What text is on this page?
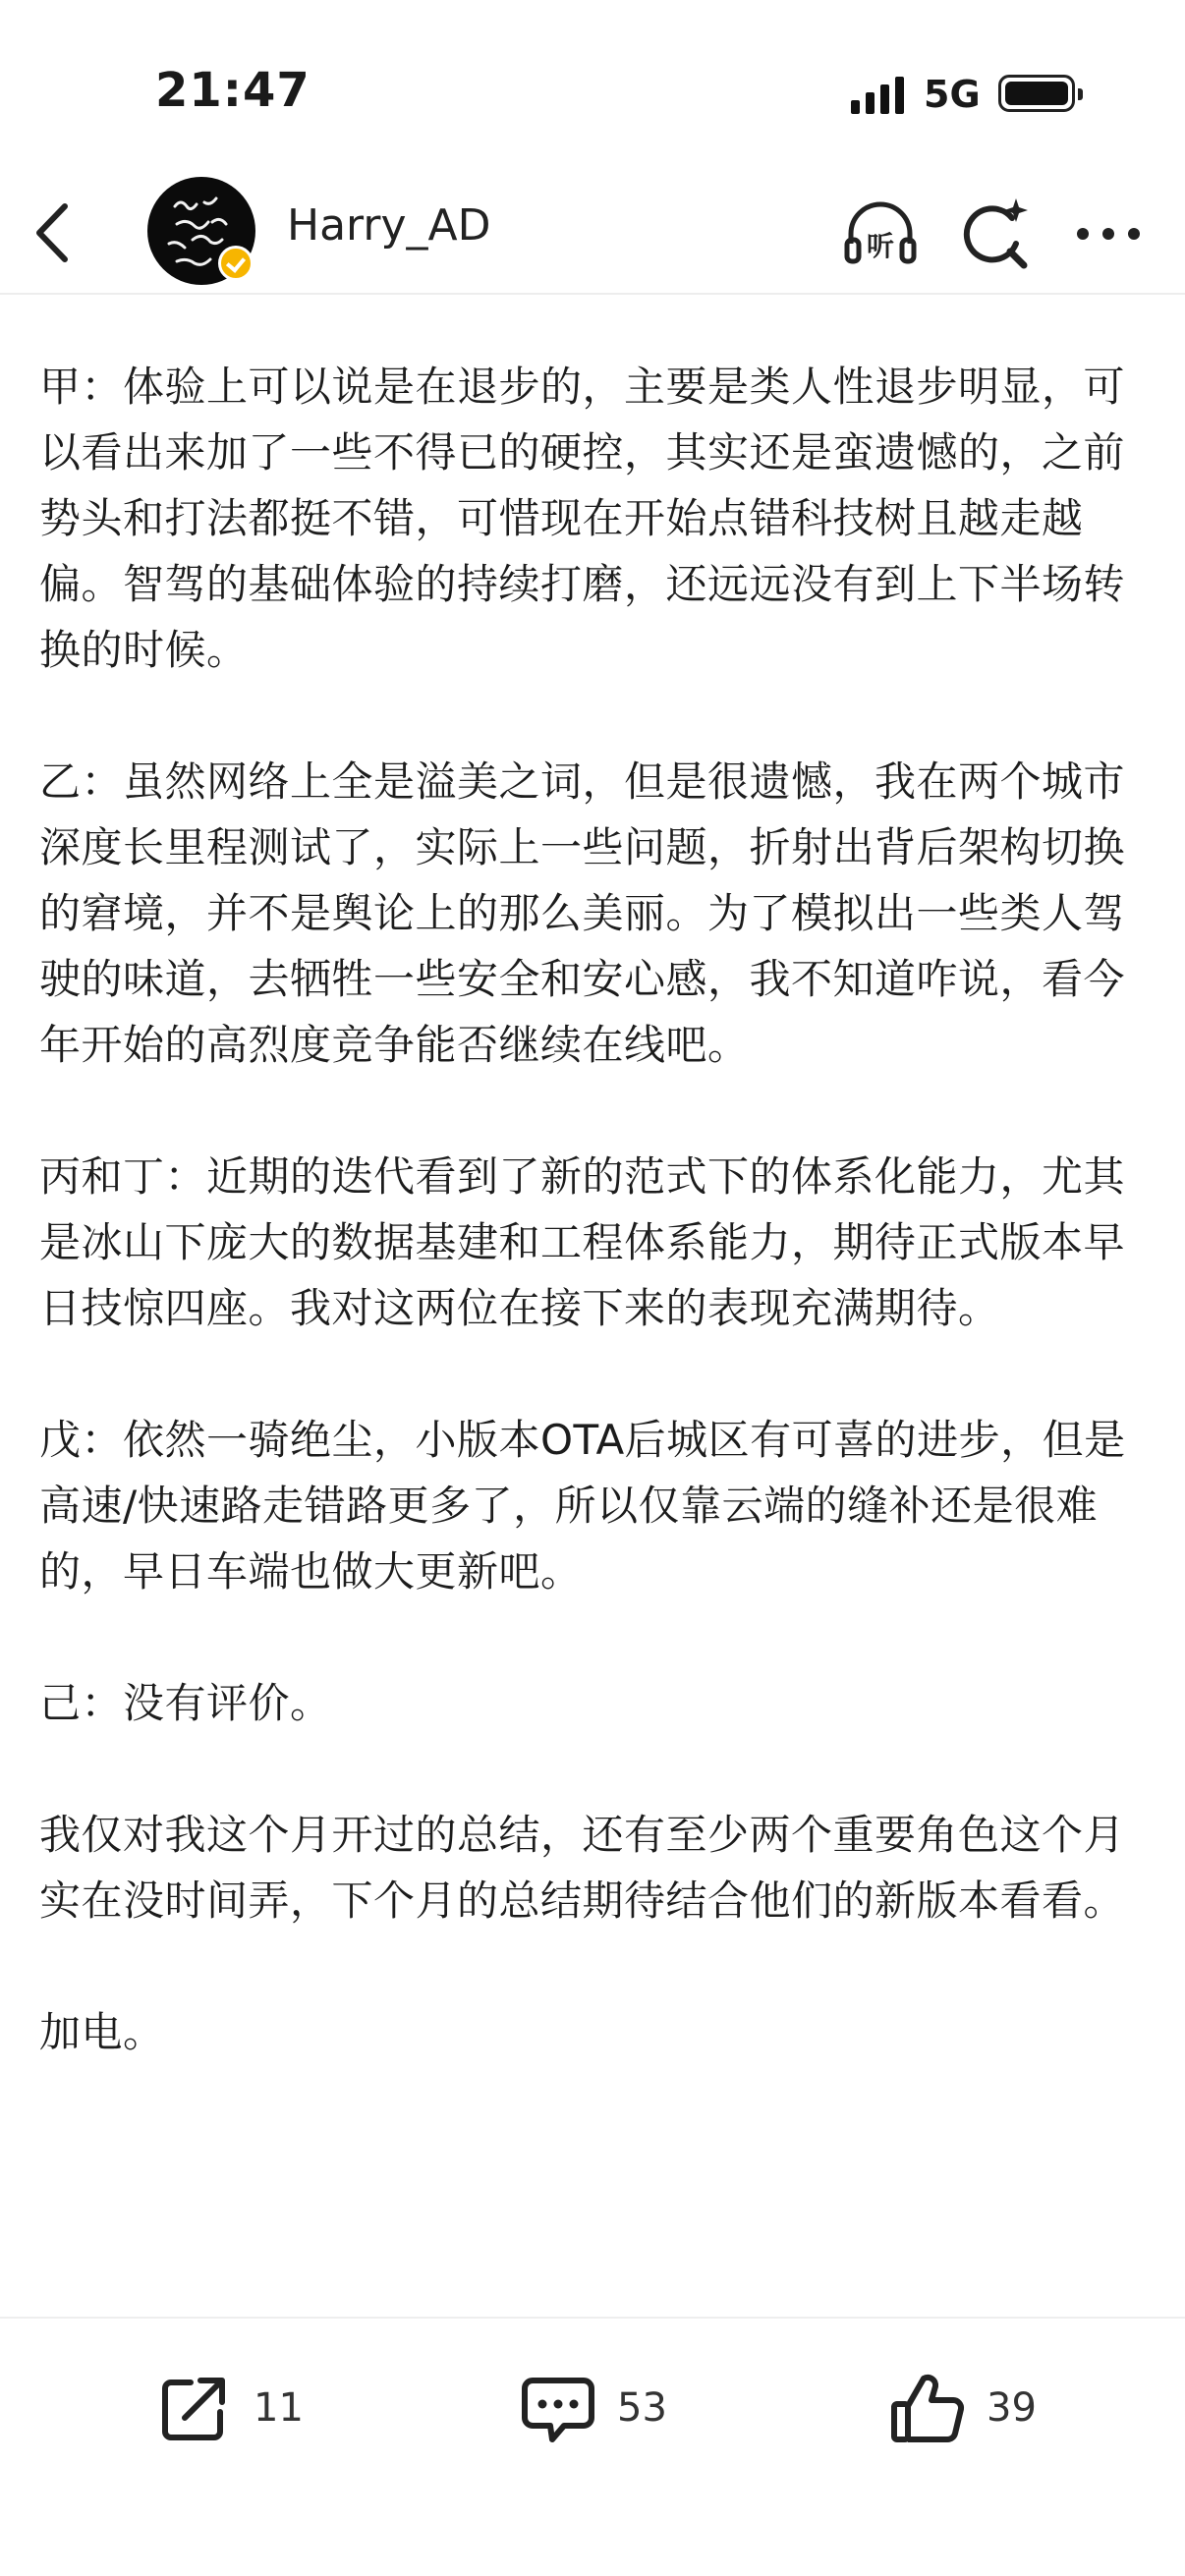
21:47	5G
Harry_AD	听

甲：体验上可以说是在退步的，主要是类人性退步明显，可以看出来加了一些不得已的硬控，其实还是蛮遗憾的，之前势头和打法都挺不错，可惜现在开始点错科技树且越走越偏。智驾的基础体验的持续打磨，还远远没有到上下半场转换的时候。

乙：虽然网络上全是溢美之词，但是很遗憾，我在两个城市深度长里程测试了，实际上一些问题，折射出背后架构切换的窘境，并不是舆论上的那么美丽。为了模拟出一些类人驾驶的味道，去牺牲一些安全和安心感，我不知道咋说，看今年开始的高烈度竞争能否继续在线吧。

丙和丁：近期的迭代看到了新的范式下的体系化能力，尤其是冰山下庞大的数据基建和工程体系能力，期待正式版本早日技惊四座。我对这两位在接下来的表现充满期待。

戊：依然一骑绝尘，小版本OTA后城区有可喜的进步，但是高速/快速路走错路更多了，所以仅靠云端的缝补还是很难的，早日车端也做大更新吧。

己：没有评价。

我仅对我这个月开过的总结，还有至少两个重要角色这个月实在没时间弄，下个月的总结期待结合他们的新版本看看。

加电。

11	53	39
